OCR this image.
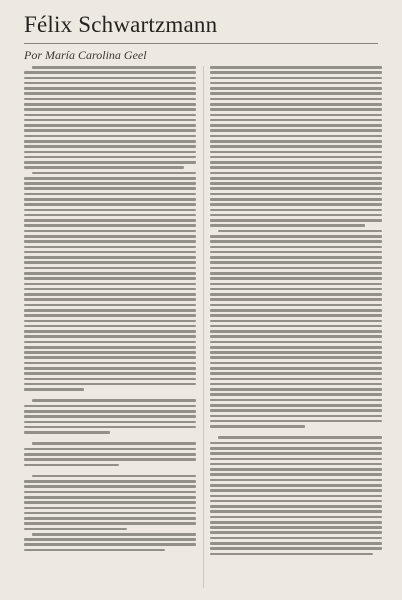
Félix Schwartzmann
Por María Carolina Geel
